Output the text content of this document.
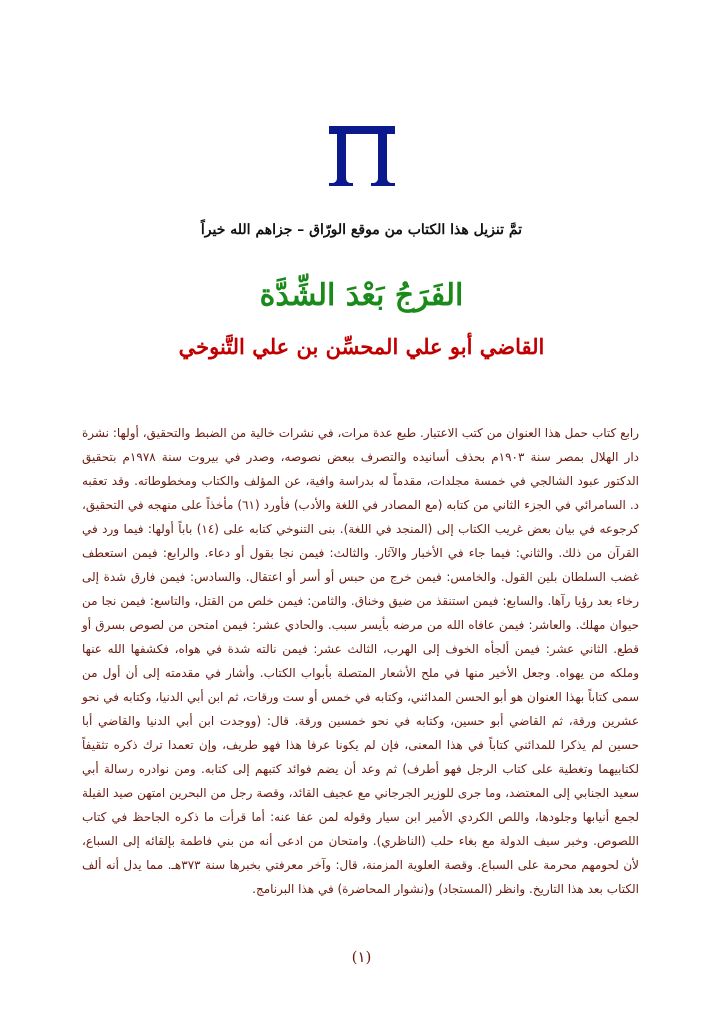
تمَّ تنزيل هذا الكتاب من موقع الورّاق – جزاهم الله خيراً
الفَرَجُ بَعْدَ الشِّدَّة
القاضي أبو علي المحسِّن بن علي التَّنوخي

رابع كتاب حمل هذا العنوان من كتب الاعتبار. طبع عدة مرات، في نشرات خالية من الضبط والتحقيق، أولها: نشرة دار الهلال بمصر سنة ١٩٠٣م بحذف أسانيده والتصرف ببعض نصوصه، وصدر في بيروت سنة ١٩٧٨م بتحقيق الدكتور عبود الشالجي في خمسة مجلدات، مقدماً له بدراسة وافية، عن المؤلف والكتاب ومخطوطاته. وقد تعقبه د. السامرائي في الجزء الثاني من كتابه (مع المصادر في اللغة والأدب) فأورد (٦١) مأخذاً على منهجه في التحقيق، كرجوعه في بيان بعض غريب الكتاب إلى (المنجد في اللغة). بنى التنوخي كتابه على (١٤) باباً أولها: فيما ورد في القرآن من ذلك. والثاني: فيما جاء في الأخبار والآثار. والثالث: فيمن نجا بقول أو دعاء. والرابع: فيمن استعطف غضب السلطان بلين القول. والخامس: فيمن خرج من حبس أو أسر أو اعتقال. والسادس: فيمن فارق شدة إلى رخاء بعد رؤيا رآها. والسابع: فيمن استنقذ من ضيق وخناق. والثامن: فيمن خلص من القتل، والتاسع: فيمن نجا من حيوان مهلك. والعاشر: فيمن عافاه الله من مرضه بأيسر سبب. والحادي عشر: فيمن امتحن من لصوص بسرق أو قطع. الثاني عشر: فيمن ألجأه الخوف إلى الهرب، الثالث عشر: فيمن نالته شدة في هواه، فكشفها الله عنها وملكه من يهواه. وجعل الأخير منها في ملح الأشعار المتصلة بأبواب الكتاب. وأشار في مقدمته إلى أن أول من سمى كتاباً بهذا العنوان هو أبو الحسن المدائني، وكتابه في خمس أو ست ورقات، ثم ابن أبي الدنيا، وكتابه في نحو عشرين ورقة، ثم القاضي أبو حسين، وكتابه في نحو خمسين ورقة. قال: (ووجدت ابن أبي الدنيا والقاضي أبا حسين لم يذكرا للمدائني كتاباً في هذا المعنى، فإن لم يكونا عرفا هذا فهو طريف، وإن تعمدا ترك ذكره تثقيفاً لكتابيهما وتغطية على كتاب الرجل فهو أطرف) ثم وعد أن يضم فوائد كتبهم إلى كتابه. ومن نوادره رسالة أبي سعيد الجنابي إلى المعتضد، وما جرى للوزير الجرجاني مع عجيف القائد، وقصة رجل من البحرين امتهن صيد الفيلة لجمع أنيابها وجلودها، واللص الكردي الأمير ابن سيار وقوله لمن عفا عنه: أما قرأت ما ذكره الجاحظ في كتاب اللصوص. وخبر سيف الدولة مع بغاء حلب (الناظري). وامتحان من ادعى أنه من بني فاطمة بإلقائه إلى السباع، لأن لحومهم محرمة على السباع. وقصة العلوية المزمنة، قال: وآخر معرفتي بخبرها سنة ٣٧٣هـ. مما يدل أنه ألف الكتاب بعد هذا التاريخ. وانظر (المستجاد) و(نشوار المحاضرة) في هذا البرنامج.

(١)
